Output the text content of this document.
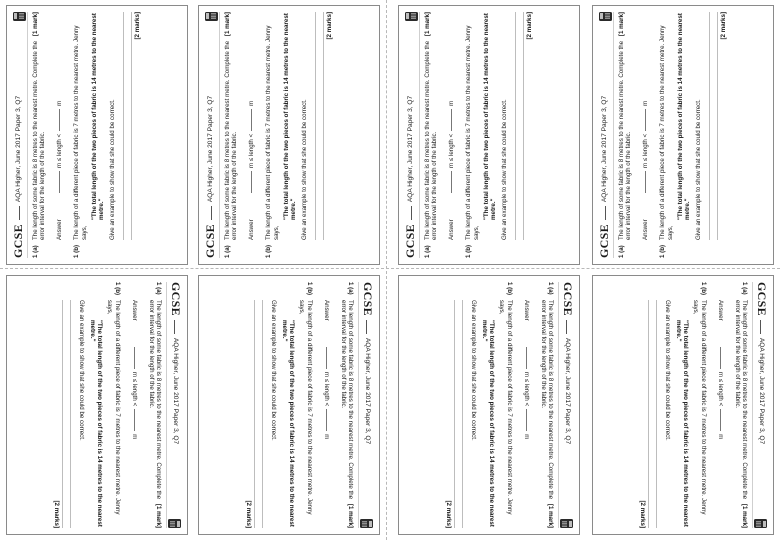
GCSE
AQA Higher, June 2017 Paper 3, Q7
1 (a)
The length of some fabric is 8 metres to the nearest metre. Complete the error interval for the length of the fabric.
[1 mark]
Answer
m ≤ length <
m
1 (b)
The length of a different piece of fabric is 7 metres to the nearest metre. Jenny says,
"The total length of the two pieces of fabric is 14 metres to the nearest metre." Give an example to show that she could be correct.
[2 marks]
GCSE
AQA Higher, June 2017 Paper 3, Q7
1 (a)
The length of some fabric is 8 metres to the nearest metre. Complete the error interval for the length of the fabric.
[1 mark]
Answer
m ≤ length <
m
1 (b)
The length of a different piece of fabric is 7 metres to the nearest metre. Jenny says,
"The total length of the two pieces of fabric is 14 metres to the nearest metre." Give an example to show that she could be correct.
[2 marks]
GCSE
AQA Higher, June 2017 Paper 3, Q7
1 (a)
The length of some fabric is 8 metres to the nearest metre. Complete the error interval for the length of the fabric.
[1 mark]
Answer
m ≤ length <
m
1 (b)
The length of a different piece of fabric is 7 metres to the nearest metre. Jenny says,
"The total length of the two pieces of fabric is 14 metres to the nearest metre." Give an example to show that she could be correct.
[2 marks]
GCSE
AQA Higher, June 2017 Paper 3, Q7
1 (a)
The length of some fabric is 8 metres to the nearest metre. Complete the error interval for the length of the fabric.
[1 mark]
Answer
m ≤ length <
m
1 (b)
The length of a different piece of fabric is 7 metres to the nearest metre. Jenny says,
"The total length of the two pieces of fabric is 14 metres to the nearest metre." Give an example to show that she could be correct.
[2 marks]
GCSE
AQA Higher, June 2017 Paper 3, Q7
1 (a)
The length of some fabric is 8 metres to the nearest metre. Complete the error interval for the length of the fabric.
[1 mark]
Answer
m ≤ length <
m
1 (b)
The length of a different piece of fabric is 7 metres to the nearest metre. Jenny says,
"The total length of the two pieces of fabric is 14 metres to the nearest metre."
Give an example to show that she could be correct.
[2 marks]
GCSE
AQA Higher, June 2017 Paper 3, Q7
1 (a)
The length of some fabric is 8 metres to the nearest metre. Complete the error interval for the length of the fabric.
[1 mark]
Answer
m ≤ length <
m
1 (b)
The length of a different piece of fabric is 7 metres to the nearest metre. Jenny says,
"The total length of the two pieces of fabric is 14 metres to the nearest metre."
Give an example to show that she could be correct.
[2 marks]
GCSE
AQA Higher, June 2017 Paper 3, Q7
1 (a)
The length of some fabric is 8 metres to the nearest metre. Complete the error interval for the length of the fabric.
[1 mark]
Answer
m ≤ length <
m
1 (b)
The length of a different piece of fabric is 7 metres to the nearest metre. Jenny says,
"The total length of the two pieces of fabric is 14 metres to the nearest metre."
Give an example to show that she could be correct.
[2 marks]
GCSE
AQA Higher, June 2017 Paper 3, Q7
1 (a)
The length of some fabric is 8 metres to the nearest metre. Complete the error interval for the length of the fabric.
[1 mark]
Answer
m ≤ length <
m
1 (b)
The length of a different piece of fabric is 7 metres to the nearest metre. Jenny says,
"The total length of the two pieces of fabric is 14 metres to the nearest metre."
Give an example to show that she could be correct.
[2 marks]
